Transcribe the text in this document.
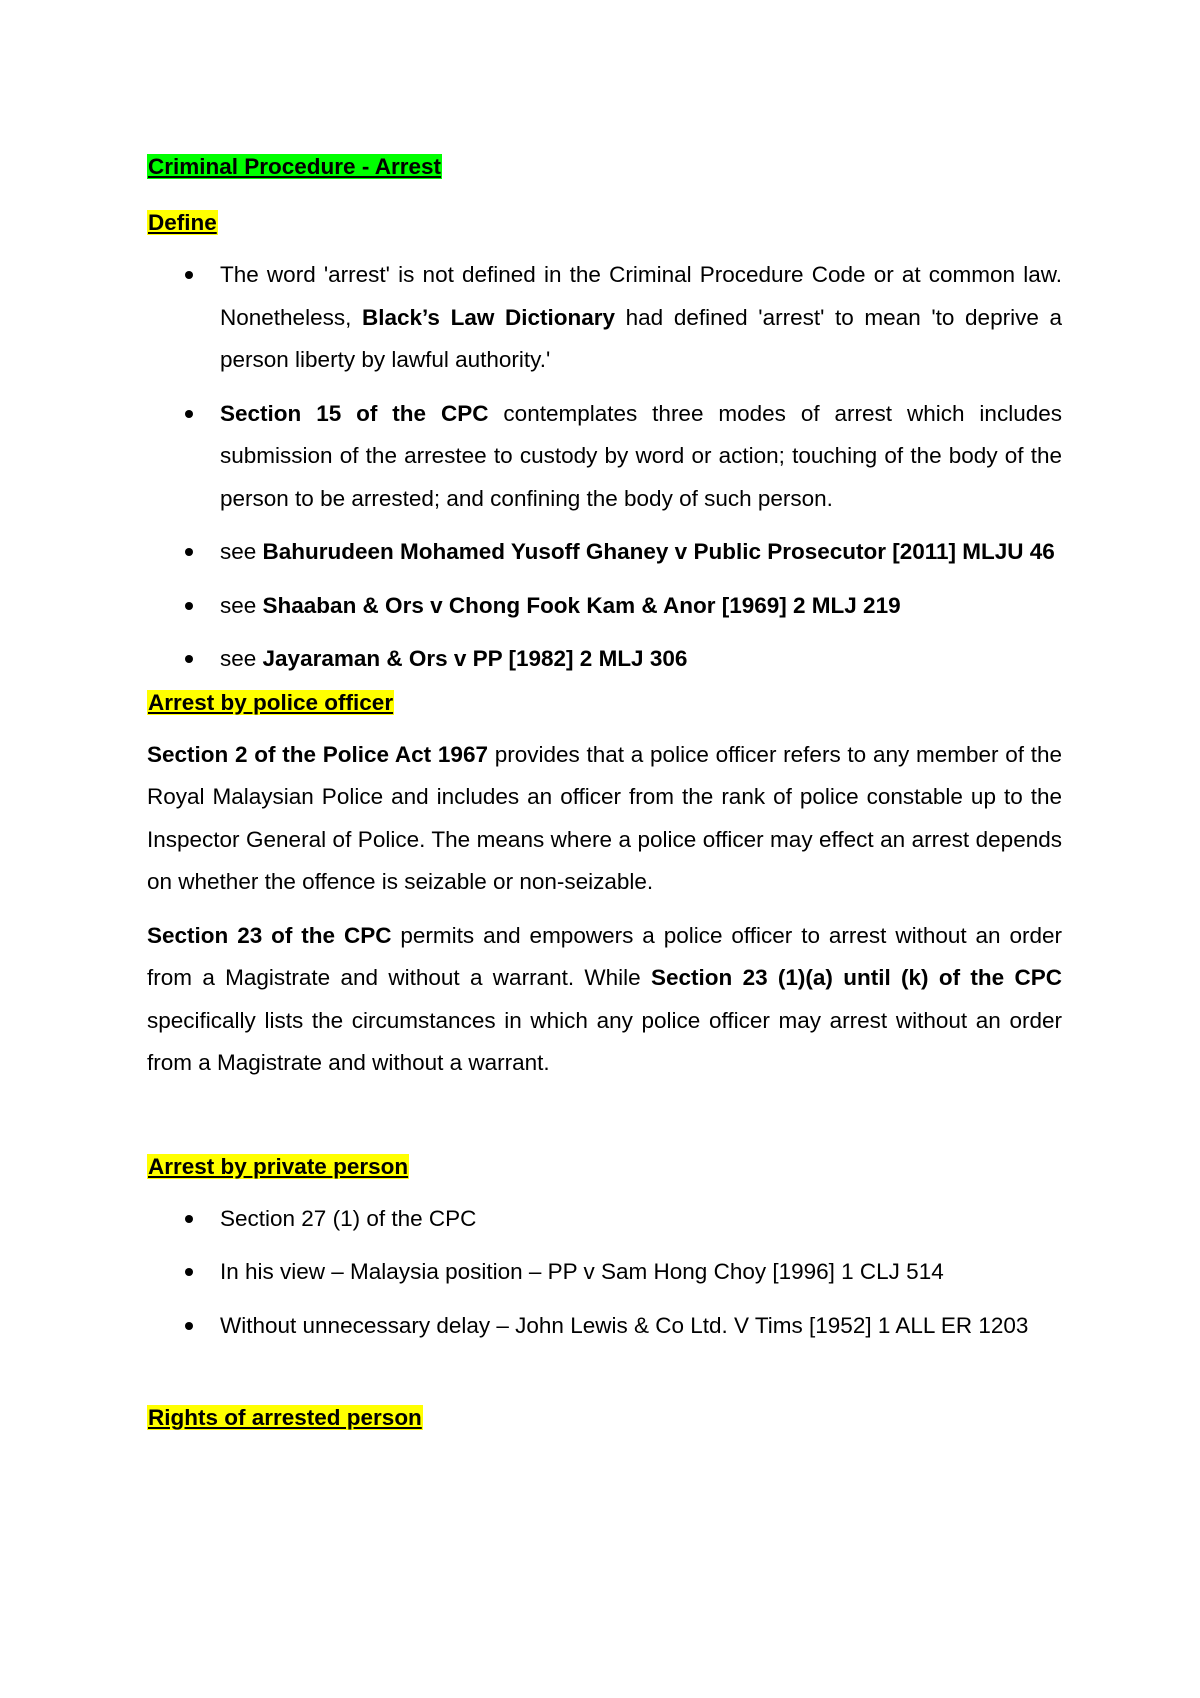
Criminal Procedure - Arrest
Define
The word 'arrest' is not defined in the Criminal Procedure Code or at common law. Nonetheless, Black’s Law Dictionary had defined 'arrest' to mean 'to deprive a person liberty by lawful authority.'
Section 15 of the CPC contemplates three modes of arrest which includes submission of the arrestee to custody by word or action; touching of the body of the person to be arrested; and confining the body of such person.
see Bahurudeen Mohamed Yusoff Ghaney v Public Prosecutor [2011] MLJU 46
see Shaaban & Ors v Chong Fook Kam & Anor [1969] 2 MLJ 219
see Jayaraman & Ors v PP [1982] 2 MLJ 306
Arrest by police officer

Section 2 of the Police Act 1967 provides that a police officer refers to any member of the Royal Malaysian Police and includes an officer from the rank of police constable up to the Inspector General of Police. The means where a police officer may effect an arrest depends on whether the offence is seizable or non-seizable.

Section 23 of the CPC permits and empowers a police officer to arrest without an order from a Magistrate and without a warrant. While Section 23 (1)(a) until (k) of the CPC specifically lists the circumstances in which any police officer may arrest without an order from a Magistrate and without a warrant.

Arrest by private person
Section 27 (1) of the CPC
In his view – Malaysia position – PP v Sam Hong Choy [1996] 1 CLJ 514
Without unnecessary delay – John Lewis & Co Ltd. V Tims [1952] 1 ALL ER 1203
Rights of arrested person
